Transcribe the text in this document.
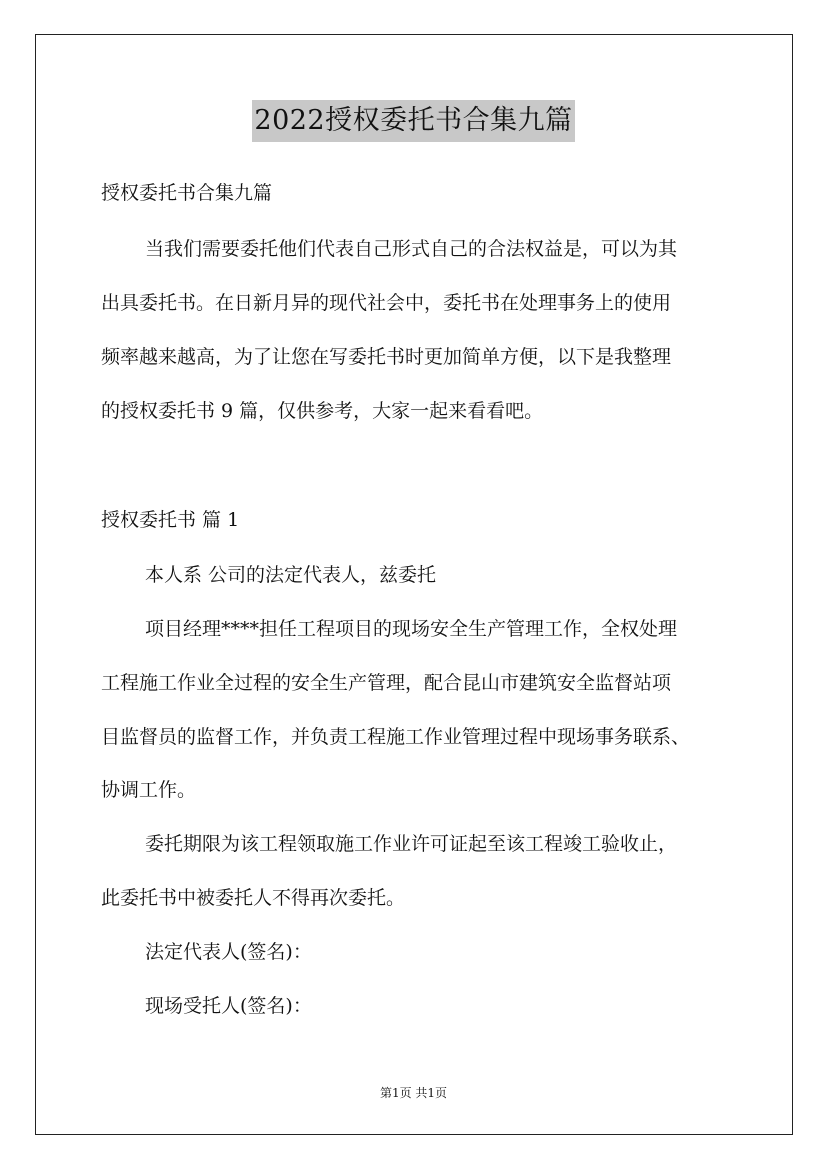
2022授权委托书合集九篇
授权委托书合集九篇
当我们需要委托他们代表自己形式自己的合法权益是，可以为其
出具委托书。在日新月异的现代社会中，委托书在处理事务上的使用
频率越来越高，为了让您在写委托书时更加简单方便，以下是我整理
的授权委托书 9 篇，仅供参考，大家一起来看看吧。
授权委托书 篇 1
本人系 公司的法定代表人，兹委托
项目经理****担任工程项目的现场安全生产管理工作，全权处理
工程施工作业全过程的安全生产管理，配合昆山市建筑安全监督站项
目监督员的监督工作，并负责工程施工作业管理过程中现场事务联系、
协调工作。
委托期限为该工程领取施工作业许可证起至该工程竣工验收止，
此委托书中被委托人不得再次委托。
法定代表人(签名)：
现场受托人(签名)：
第1页 共1页
